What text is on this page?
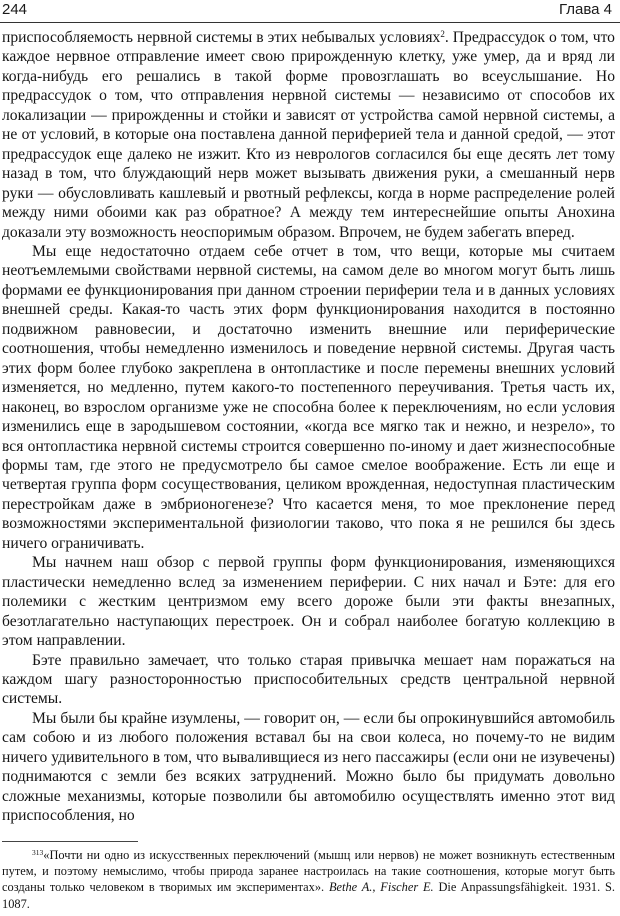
244	Глава 4

приспособляемость нервной системы в этих небывалых условиях$^2$. Предрассудок о том, что каждое нервное отправление имеет свою прирожденную клетку, уже умер, да и вряд ли когда-нибудь его решались в такой форме провозглашать во всеуслышание. Но предрассудок о том, что отправления нервной системы — независимо от способов их локализации — прирожденны и стойки и зависят от устройства самой нервной системы, а не от условий, в которые она поставлена данной периферией тела и данной средой, — этот предрассудок еще далеко не изжит. Кто из неврологов согласился бы еще десять лет тому назад в том, что блуждающий нерв может вызывать движения руки, а смешанный нерв руки — обусловливать кашлевый и рвотный рефлексы, когда в норме распределение ролей между ними обоими как раз обратное? А между тем интереснейшие опыты Анохина доказали эту возможность неоспоримым образом. Впрочем, не будем забегать вперед.

Мы еще недостаточно отдаем себе отчет в том, что вещи, которые мы считаем неотъемлемыми свойствами нервной системы, на самом деле во многом могут быть лишь формами ее функционирования при данном строении периферии тела и в данных условиях внешней среды. Какая-то часть этих форм функционирования находится в постоянно подвижном равновесии, и достаточно изменить внешние или периферические соотношения, чтобы немедленно изменилось и поведение нервной системы. Другая часть этих форм более глубоко закреплена в онтопластике и после перемены внешних условий изменяется, но медленно, путем какого-то постепенного переучивания. Третья часть их, наконец, во взрослом организме уже не способна более к переключениям, но если условия изменились еще в зародышевом состоянии, «когда все мягко так и нежно, и незрело», то вся онтопластика нервной системы строится совершенно по-иному и дает жизнеспособные формы там, где этого не предусмотрело бы самое смелое воображение. Есть ли еще и четвертая группа форм сосуществования, целиком врожденная, недоступная пластическим перестройкам даже в эмбрионогенезе? Что касается меня, то мое преклонение перед возможностями экспериментальной физиологии таково, что пока я не решился бы здесь ничего ограничивать.

Мы начнем наш обзор с первой группы форм функционирования, изменяющихся пластически немедленно вслед за изменением периферии. С них начал и Бэте: для его полемики с жестким центризмом ему всего дороже были эти факты внезапных, безотлагательно наступающих перестроек. Он и собрал наиболее богатую коллекцию в этом направлении.

Бэте правильно замечает, что только старая привычка мешает нам поражаться на каждом шагу разносторонностью приспособительных средств центральной нервной системы.

Мы были бы крайне изумлены, — говорит он, — если бы опрокинувшийся автомобиль сам собою и из любого положения вставал бы на свои колеса, но почему-то не видим ничего удивительного в том, что вываливщиеся из него пассажиры (если они не изувечены) поднимаются с земли без всяких затруднений. Можно было бы придумать довольно сложные механизмы, которые позволили бы автомобилю осуществлять именно этот вид приспособления, но

$^{313}$«Почти ни одно из искусственных переключений (мышц или нервов) не может возникнуть естественным путем, и поэтому немыслимо, чтобы природа заранее настроилась на такие соотношения, которые могут быть созданы только человеком в творимых им экспериментах». Bethe A., Fischer E. Die Anpassungsfähigkeit. 1931. S. 1087.
